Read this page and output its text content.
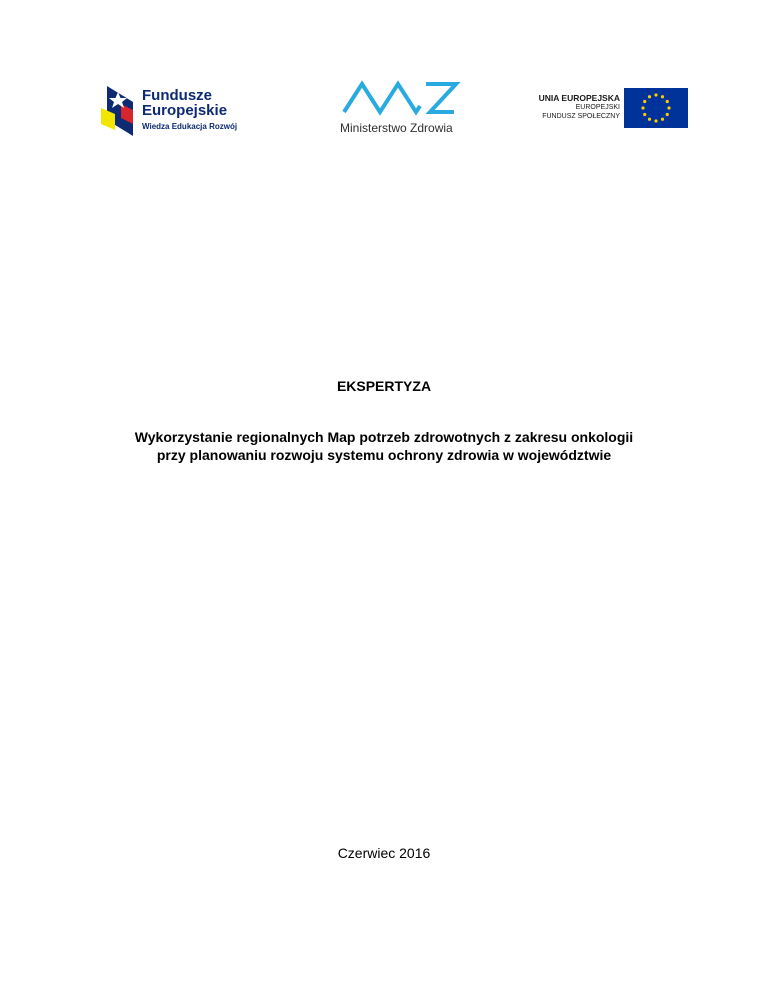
Fundusze
Europejskie
Wiedza Edukacja Rozwój	Ministerstwo Zdrowia
UNIA EUROPEJSKA
EUROPEJSKI
FUNDUSZ SPOŁECZNY
EKSPERTYZA
Wykorzystanie regionalnych Map potrzeb zdrowotnych z zakresu onkologii
przy planowaniu rozwoju systemu ochrony zdrowia w województwie
Czerwiec 2016
